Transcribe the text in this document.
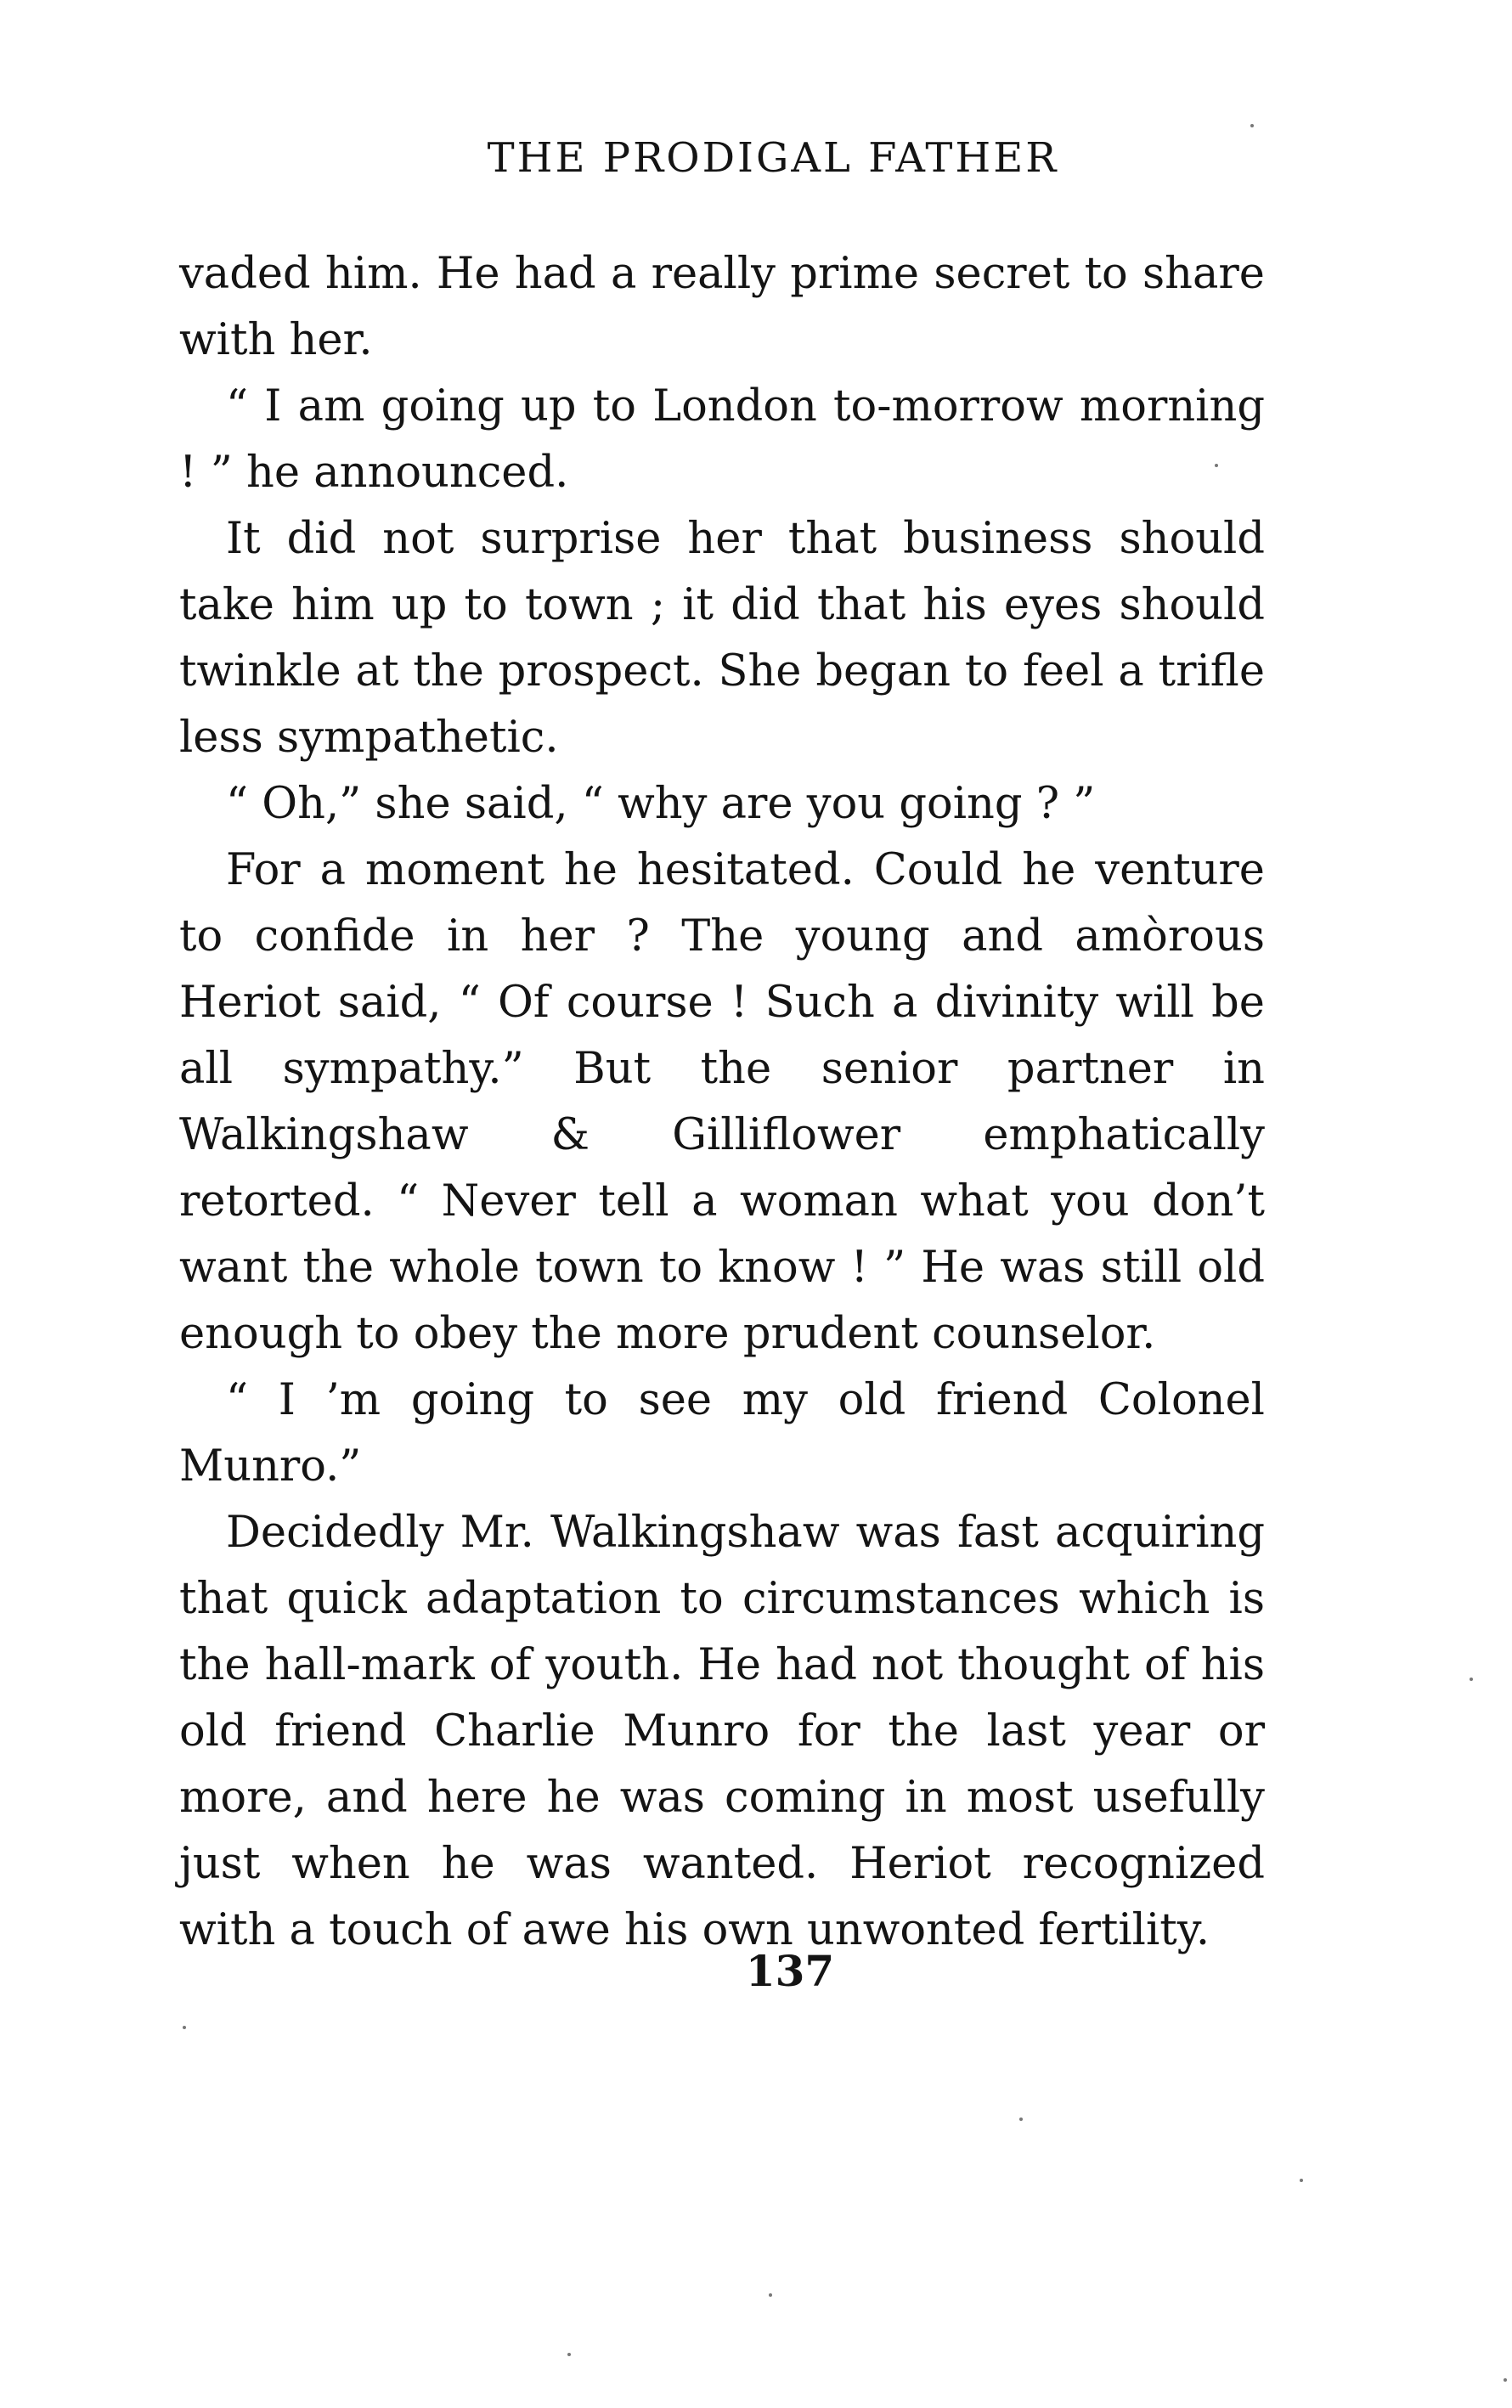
THE PRODIGAL FATHER

vaded him. He had a really prime secret to share with her.

“ I am going up to London to-morrow morning ! ” he announced.

It did not surprise her that business should take him up to town ; it did that his eyes should twinkle at the prospect. She began to feel a trifle less sympathetic.

“ Oh,” she said, “ why are you going ? ”

For a moment he hesitated. Could he venture to confide in her ? The young and amòrous Heriot said, “ Of course ! Such a divinity will be all sympathy.” But the senior partner in Walkingshaw & Gilliflower emphatically retorted. “ Never tell a woman what you don’t want the whole town to know ! ” He was still old enough to obey the more prudent counselor.

“ I ’m going to see my old friend Colonel Munro.”

Decidedly Mr. Walkingshaw was fast acquiring that quick adaptation to circumstances which is the hall-mark of youth. He had not thought of his old friend Charlie Munro for the last year or more, and here he was coming in most usefully just when he was wanted. Heriot recognized with a touch of awe his own unwonted fertility.

137
